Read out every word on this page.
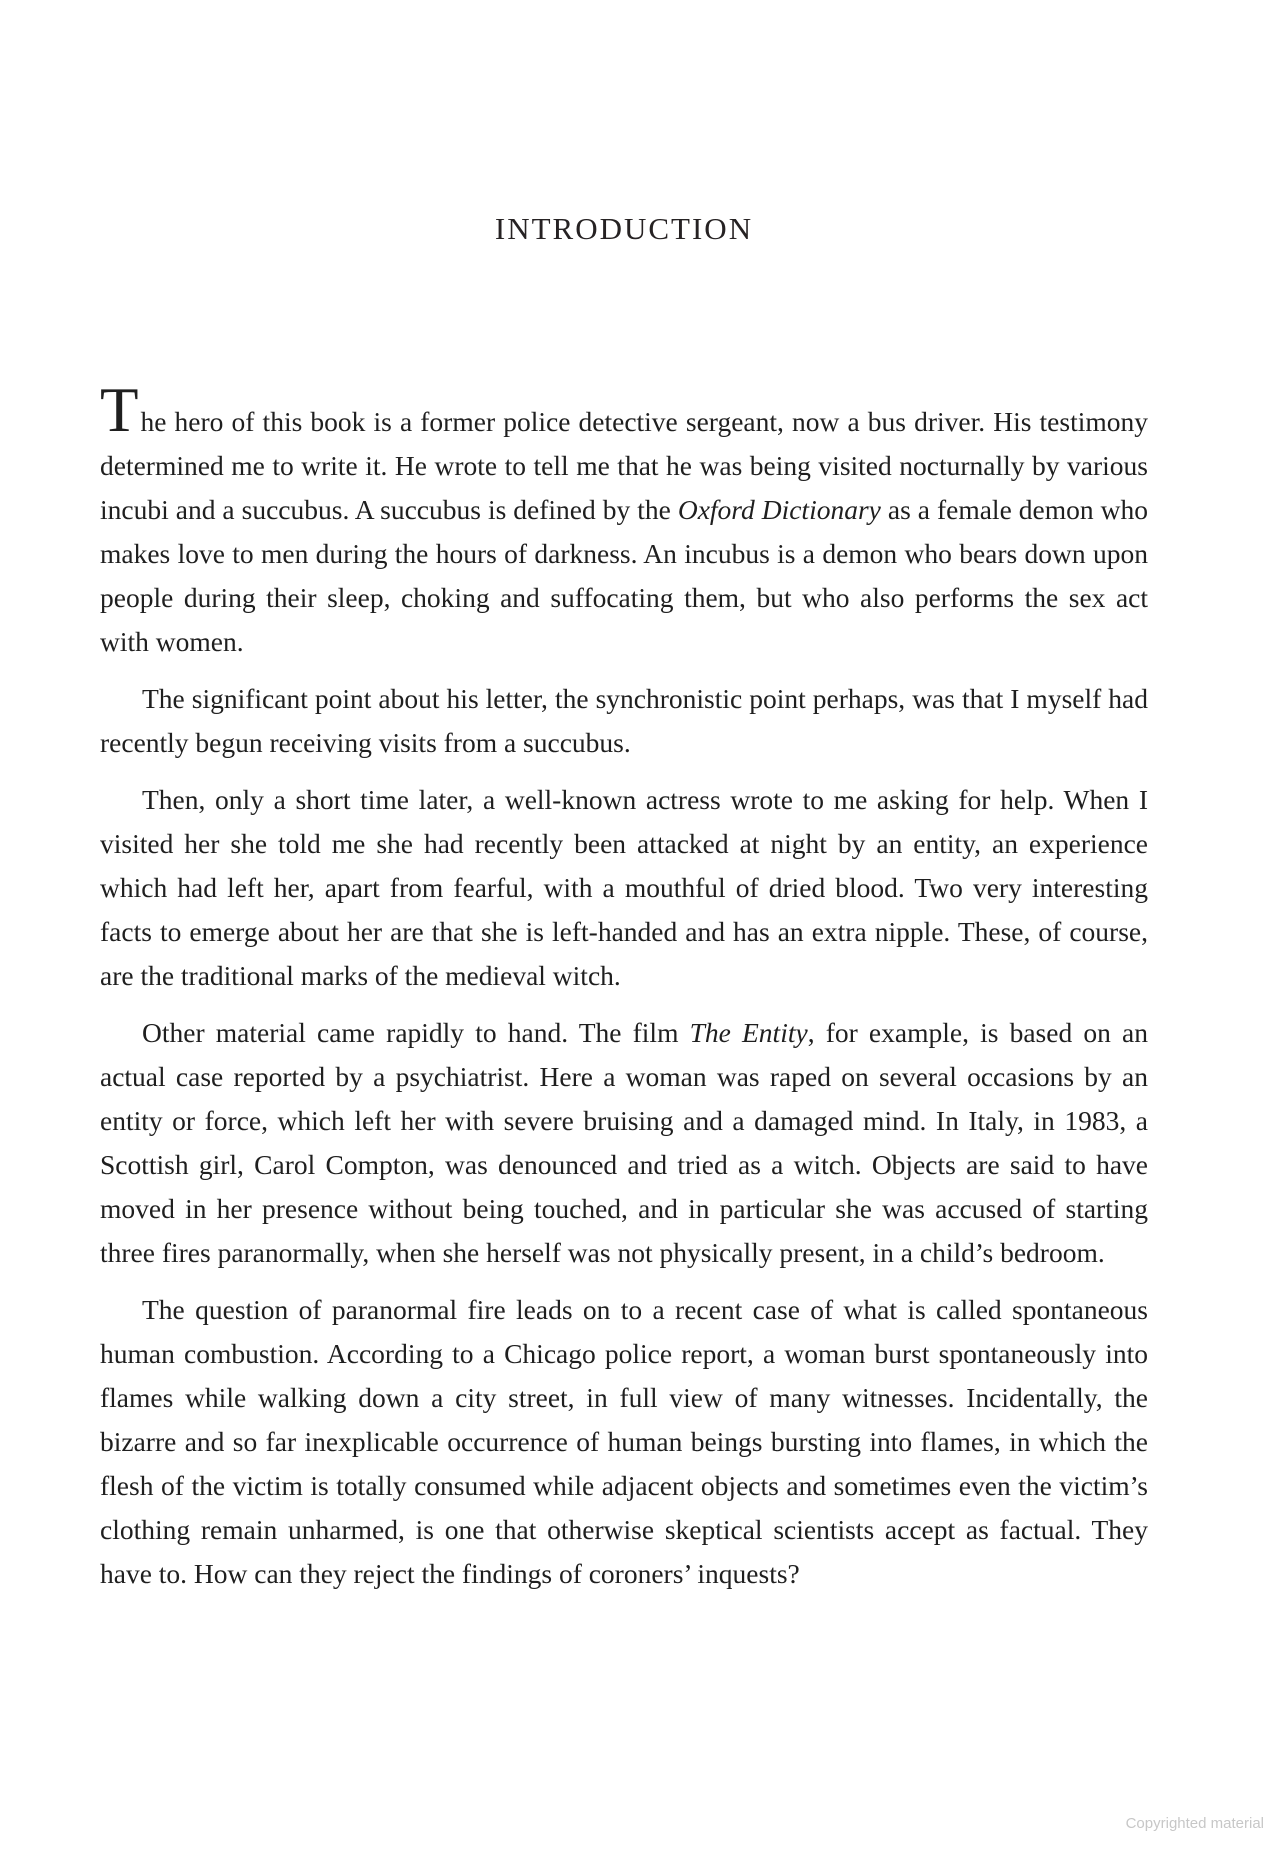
INTRODUCTION

The hero of this book is a former police detective sergeant, now a bus driver. His testimony determined me to write it. He wrote to tell me that he was being visited nocturnally by various incubi and a succubus. A succubus is defined by the Oxford Dictionary as a female demon who makes love to men during the hours of darkness. An incubus is a demon who bears down upon people during their sleep, choking and suffocating them, but who also performs the sex act with women.

The significant point about his letter, the synchronistic point perhaps, was that I myself had recently begun receiving visits from a succubus.

Then, only a short time later, a well-known actress wrote to me asking for help. When I visited her she told me she had recently been attacked at night by an entity, an experience which had left her, apart from fearful, with a mouthful of dried blood. Two very interesting facts to emerge about her are that she is left-handed and has an extra nipple. These, of course, are the traditional marks of the medieval witch.

Other material came rapidly to hand. The film The Entity, for example, is based on an actual case reported by a psychiatrist. Here a woman was raped on several occasions by an entity or force, which left her with severe bruising and a damaged mind. In Italy, in 1983, a Scottish girl, Carol Compton, was denounced and tried as a witch. Objects are said to have moved in her presence without being touched, and in particular she was accused of starting three fires paranormally, when she herself was not physically present, in a child’s bedroom.

The question of paranormal fire leads on to a recent case of what is called spontaneous human combustion. According to a Chicago police report, a woman burst spontaneously into flames while walking down a city street, in full view of many witnesses. Incidentally, the bizarre and so far inexplicable occurrence of human beings bursting into flames, in which the flesh of the victim is totally consumed while adjacent objects and sometimes even the victim’s clothing remain unharmed, is one that otherwise skeptical scientists accept as factual. They have to. How can they reject the findings of coroners’ inquests?

Copyrighted material
